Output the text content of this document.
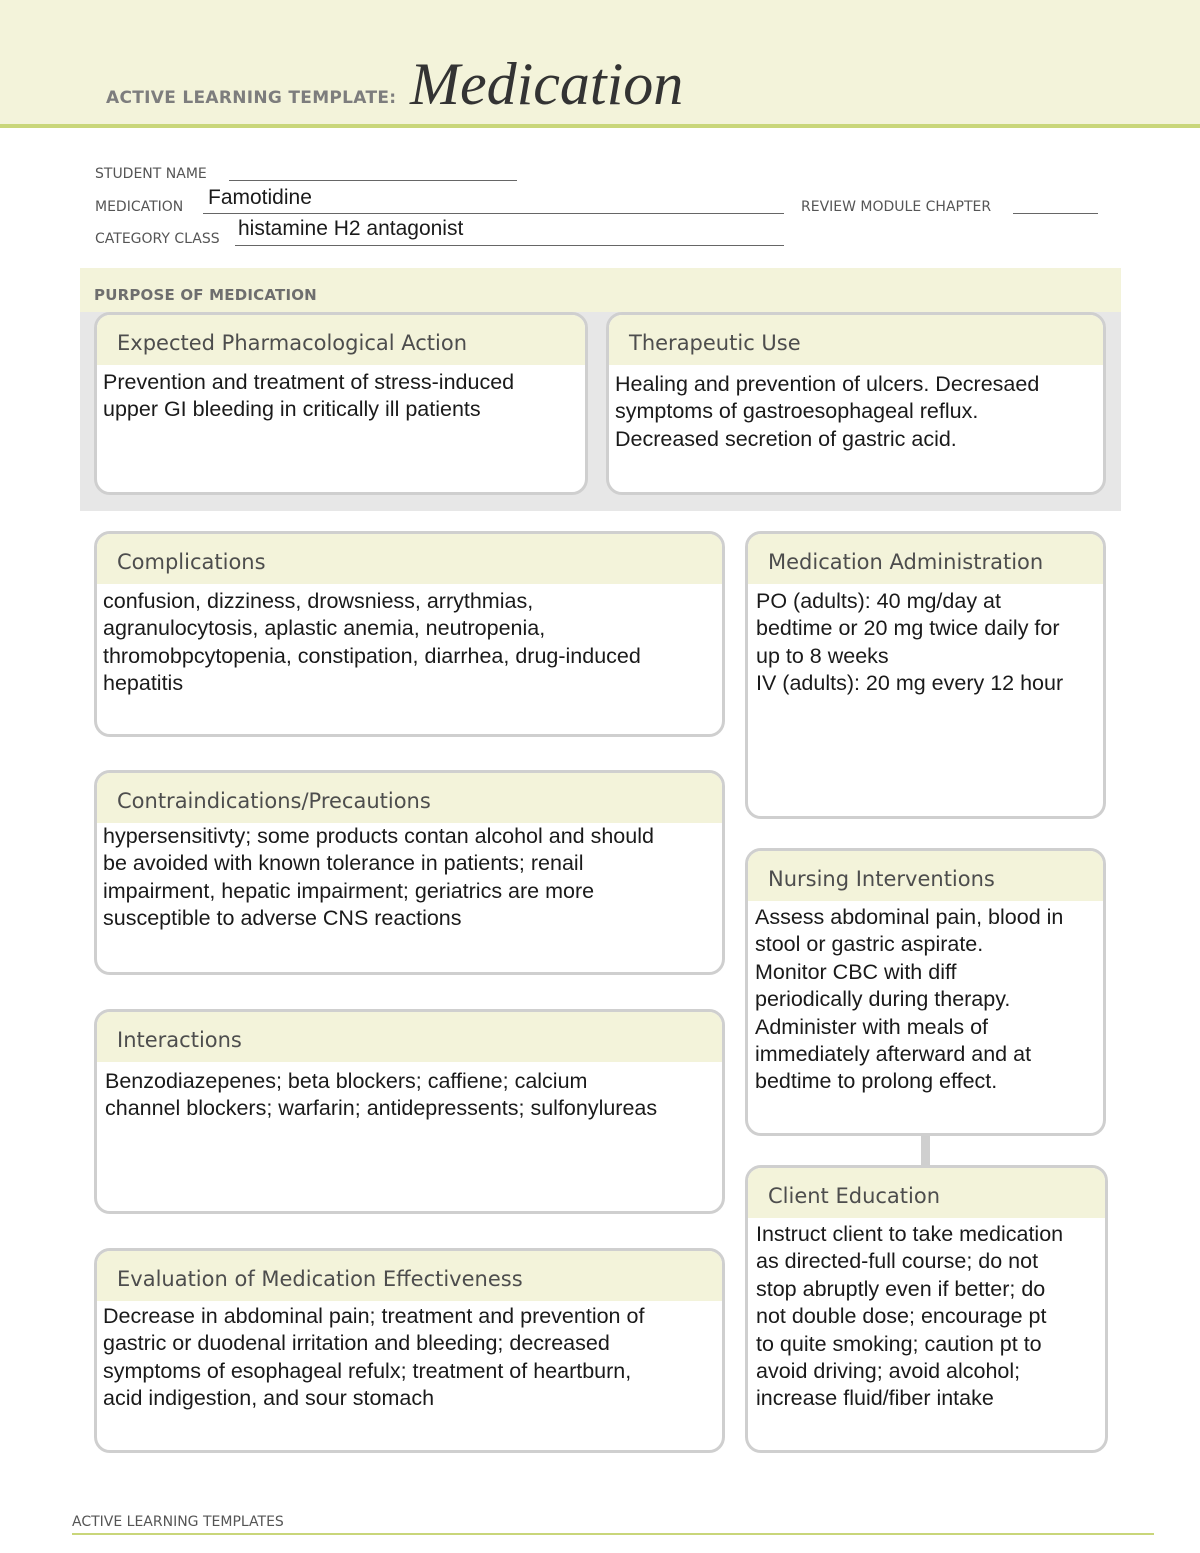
ACTIVE LEARNING TEMPLATE: Medication
STUDENT NAME
MEDICATION Famotidine	REVIEW MODULE CHAPTER
CATEGORY CLASS histamine H2 antagonist
PURPOSE OF MEDICATION
Expected Pharmacological Action
Prevention and treatment of stress-induced
upper GI bleeding in critically ill patients
Therapeutic Use
Healing and prevention of ulcers. Decresaed
symptoms of gastroesophageal reflux.
Decreased secretion of gastric acid.
Complications
confusion, dizziness, drowsniess, arrythmias,
agranulocytosis, aplastic anemia, neutropenia,
thromobpcytopenia, constipation, diarrhea, drug-induced
hepatitis
Contraindications/Precautions
hypersensitivty; some products contan alcohol and should
be avoided with known tolerance in patients; renail
impairment, hepatic impairment; geriatrics are more
susceptible to adverse CNS reactions
Interactions
Benzodiazepenes; beta blockers; caffiene; calcium
channel blockers; warfarin; antidepressents; sulfonylureas
Evaluation of Medication Effectiveness
Decrease in abdominal pain; treatment and prevention of
gastric or duodenal irritation and bleeding; decreased
symptoms of esophageal refulx; treatment of heartburn,
acid indigestion, and sour stomach
Medication Administration
PO (adults): 40 mg/day at
bedtime or 20 mg twice daily for
up to 8 weeks
IV (adults): 20 mg every 12 hour
Nursing Interventions
Assess abdominal pain, blood in
stool or gastric aspirate.
Monitor CBC with diff
periodically during therapy.
Administer with meals of
immediately afterward and at
bedtime to prolong effect.
Client Education
Instruct client to take medication
as directed-full course; do not
stop abruptly even if better; do
not double dose; encourage pt
to quite smoking; caution pt to
avoid driving; avoid alcohol;
increase fluid/fiber intake
ACTIVE LEARNING TEMPLATES
